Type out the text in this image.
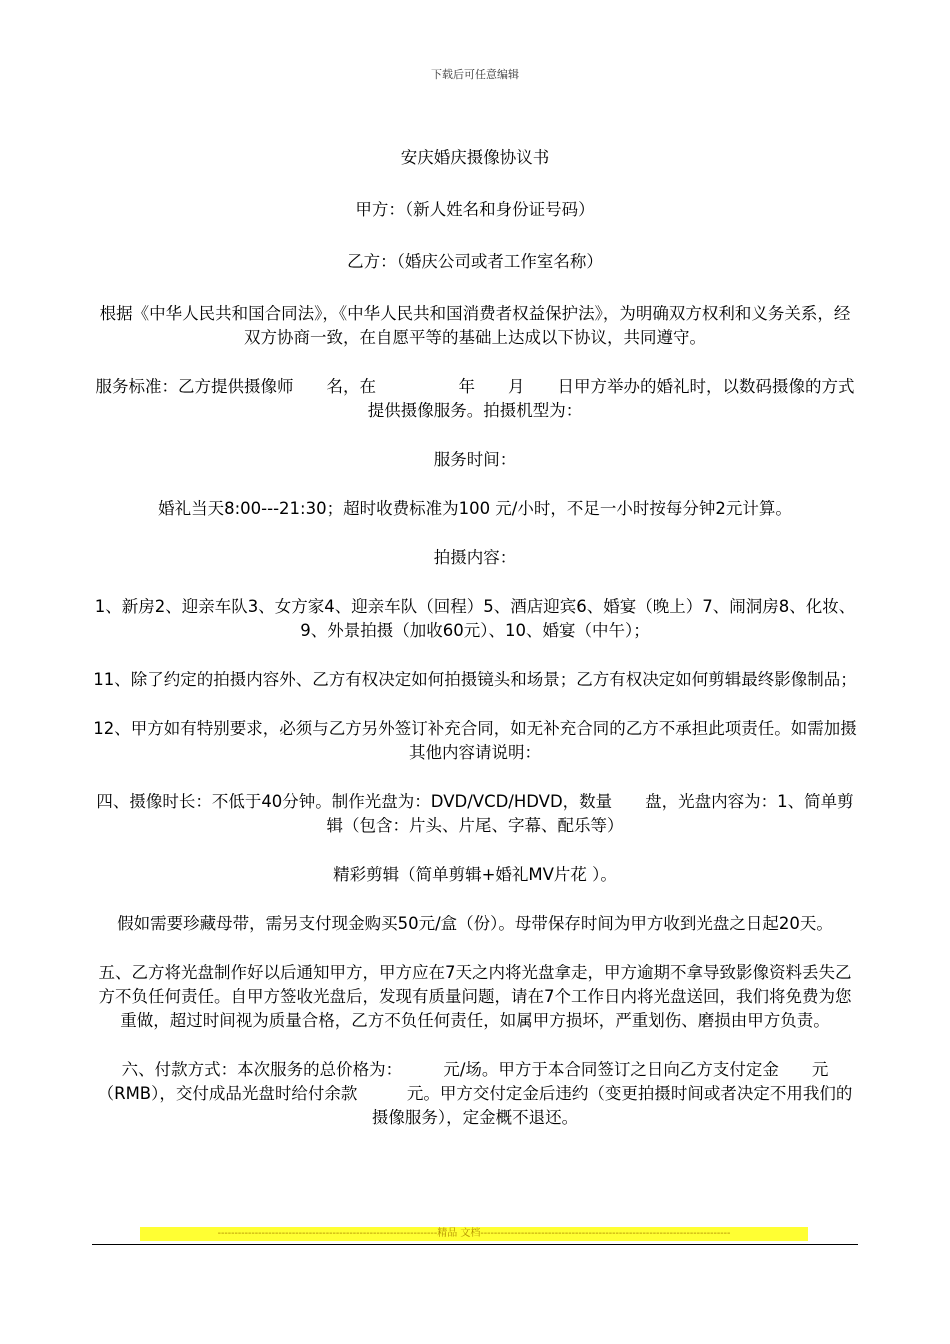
下载后可任意编辑

安庆婚庆摄像协议书

甲方：（新人姓名和身份证号码）

乙方：（婚庆公司或者工作室名称）

根据《中华人民共和国合同法》，《中华人民共和国消费者权益保护法》，为明确双方权利和义务关系，经双方协商一致，在自愿平等的基础上达成以下协议，共同遵守。

服务标准：乙方提供摄像师　　名，在　　　　　年　　月　　日甲方举办的婚礼时，以数码摄像的方式提供摄像服务。拍摄机型为：

服务时间：

婚礼当天8:00---21:30；超时收费标准为100 元/小时，不足一小时按每分钟2元计算。

拍摄内容：

1、新房2、迎亲车队3、女方家4、迎亲车队（回程）5、酒店迎宾6、婚宴（晚上）7、闹洞房8、化妆、9、外景拍摄（加收60元）、10、婚宴（中午）；

11、除了约定的拍摄内容外、乙方有权决定如何拍摄镜头和场景；乙方有权决定如何剪辑最终影像制品；

12、甲方如有特别要求，必须与乙方另外签订补充合同，如无补充合同的乙方不承担此项责任。如需加摄其他内容请说明：

四、摄像时长：不低于40分钟。制作光盘为：DVD/VCD/HDVD，数量　　盘，光盘内容为：1、简单剪辑（包含：片头、片尾、字幕、配乐等）

精彩剪辑（简单剪辑+婚礼MV片花 ）。

假如需要珍藏母带，需另支付现金购买50元/盒（份）。母带保存时间为甲方收到光盘之日起20天。

五、乙方将光盘制作好以后通知甲方，甲方应在7天之内将光盘拿走，甲方逾期不拿导致影像资料丢失乙方不负任何责任。自甲方签收光盘后，发现有质量问题，请在7个工作日内将光盘送回，我们将免费为您重做，超过时间视为质量合格，乙方不负任何责任，如属甲方损坏，严重划伤、磨损由甲方负责。

六、付款方式：本次服务的总价格为：　　　元/场。甲方于本合同签订之日向乙方支付定金　　元（RMB），交付成品光盘时给付余款　　　元。甲方交付定金后违约（变更拍摄时间或者决定不用我们的摄像服务），定金概不退还。

-----------------------------------------------------------------精品 文档--------------------------------------------------------------------------
